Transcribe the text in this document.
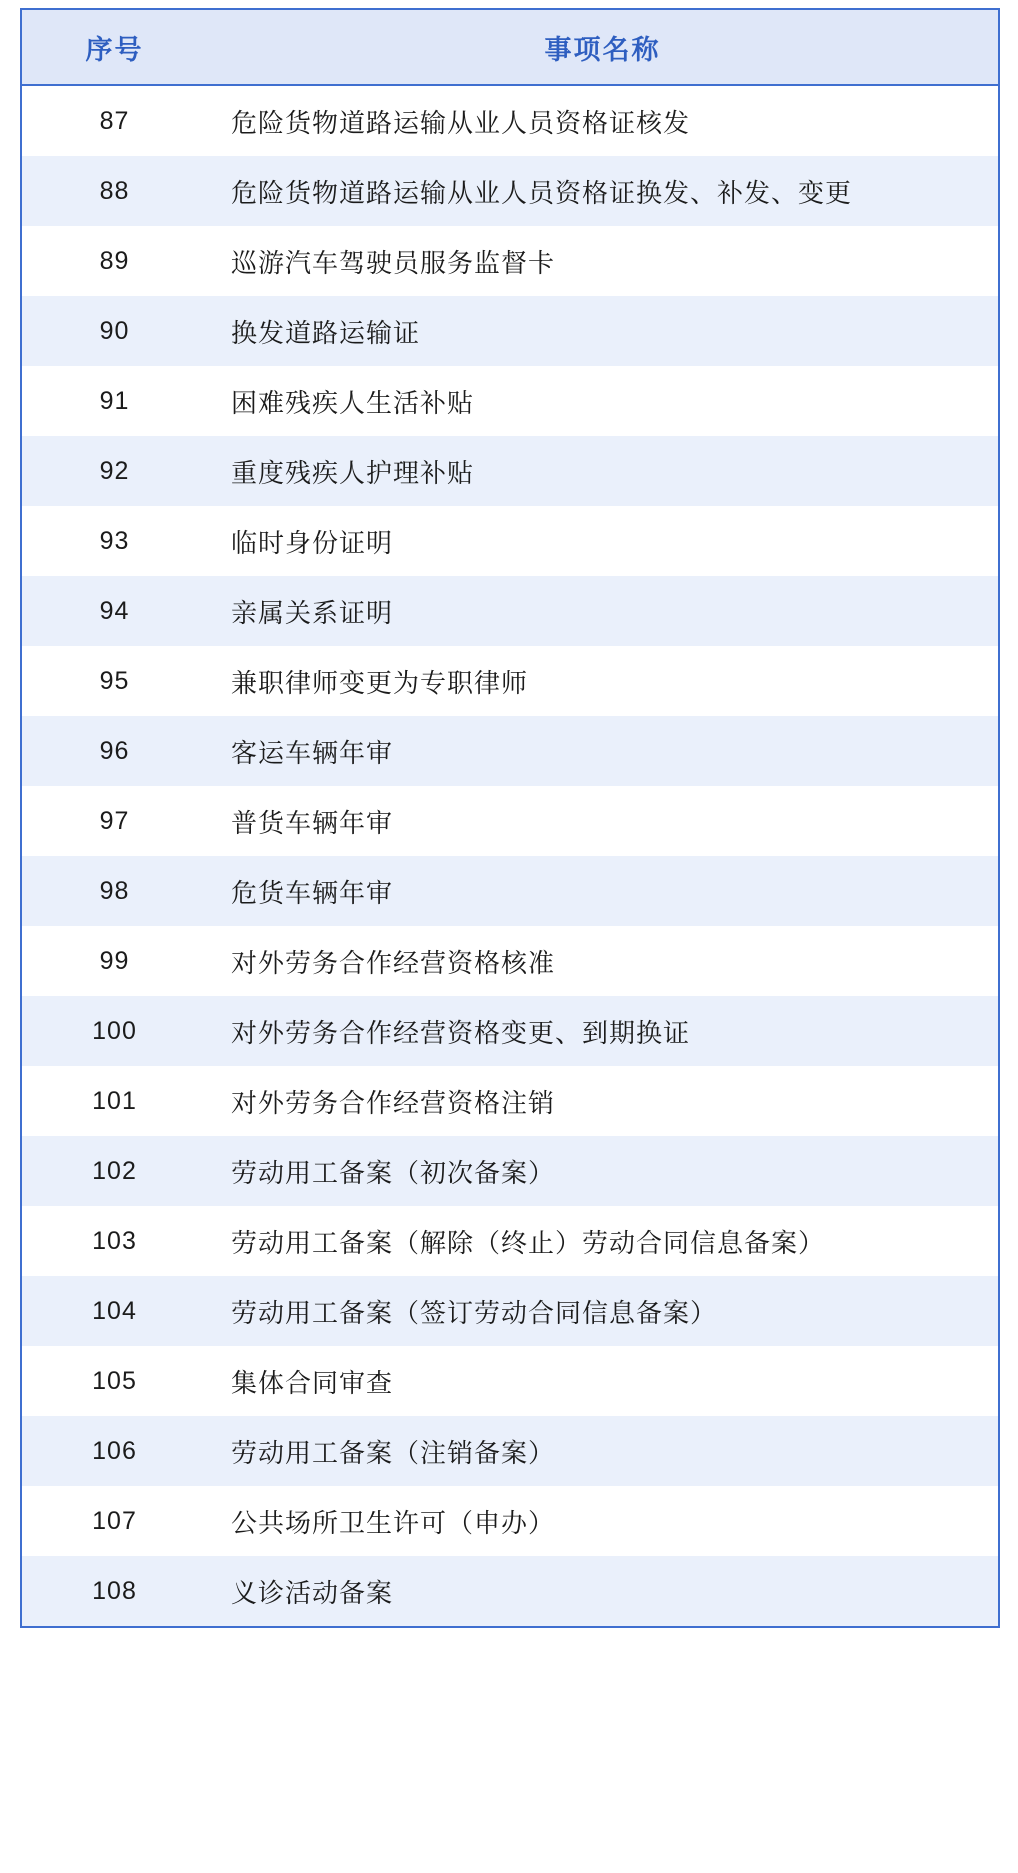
序号	事项名称
87	危险货物道路运输从业人员资格证核发
88	危险货物道路运输从业人员资格证换发、补发、变更
89	巡游汽车驾驶员服务监督卡
90	换发道路运输证
91	困难残疾人生活补贴
92	重度残疾人护理补贴
93	临时身份证明
94	亲属关系证明
95	兼职律师变更为专职律师
96	客运车辆年审
97	普货车辆年审
98	危货车辆年审
99	对外劳务合作经营资格核准
100	对外劳务合作经营资格变更、到期换证
101	对外劳务合作经营资格注销
102	劳动用工备案（初次备案）
103	劳动用工备案（解除（终止）劳动合同信息备案）
104	劳动用工备案（签订劳动合同信息备案）
105	集体合同审查
106	劳动用工备案（注销备案）
107	公共场所卫生许可（申办）
108	义诊活动备案
